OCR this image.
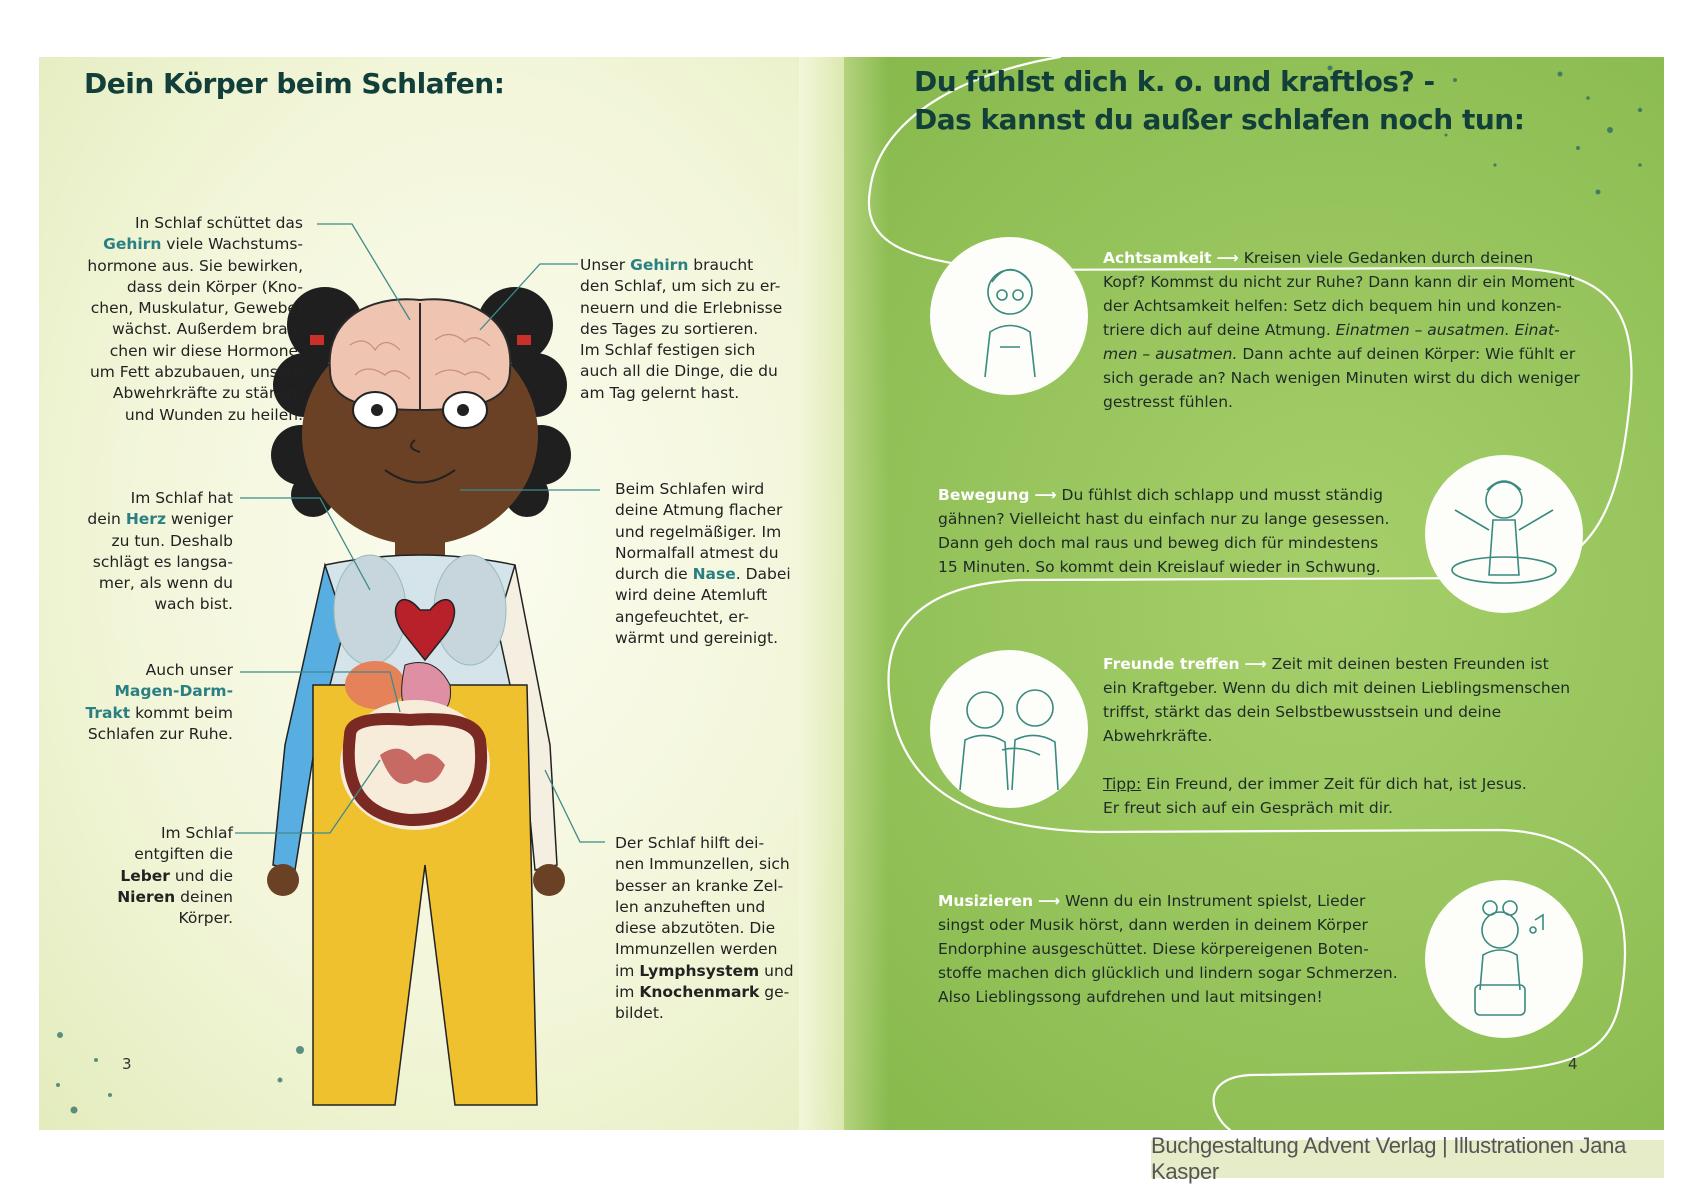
Dein Körper beim Schlafen:
In Schlaf schüttet das
Gehirn viele Wachstums-
hormone aus. Sie bewirken,
dass dein Körper (Kno-
chen, Muskulatur, Gewebe)
wächst. Außerdem brau-
chen wir diese Hormone,
um Fett abzubauen, unsere
Abwehrkräfte zu stärken
und Wunden zu heilen.
Unser Gehirn braucht
den Schlaf, um sich zu er-
neuern und die Erlebnisse
des Tages zu sortieren.
Im Schlaf festigen sich
auch all die Dinge, die du
am Tag gelernt hast.
Im Schlaf hat
dein Herz weniger
zu tun. Deshalb
schlägt es langsa-
mer, als wenn du
wach bist.
Beim Schlafen wird
deine Atmung flacher
und regelmäßiger. Im
Normalfall atmest du
durch die Nase. Dabei
wird deine Atemluft
angefeuchtet, er-
wärmt und gereinigt.
Auch unser
Magen-Darm-
Trakt kommt beim
Schlafen zur Ruhe.
Im Schlaf
entgiften die
Leber und die
Nieren deinen
Körper.
Der Schlaf hilft dei-
nen Immunzellen, sich
besser an kranke Zel-
len anzuheften und
diese abzutöten. Die
Immunzellen werden
im Lymphsystem und
im Knochenmark ge-
bildet.
3
Du fühlst dich k. o. und kraftlos? -
Das kannst du außer schlafen noch tun:
Achtsamkeit ⟶ Kreisen viele Gedanken durch deinen
Kopf? Kommst du nicht zur Ruhe? Dann kann dir ein Moment
der Achtsamkeit helfen: Setz dich bequem hin und konzen-
triere dich auf deine Atmung. Einatmen – ausatmen. Einat-
men – ausatmen. Dann achte auf deinen Körper: Wie fühlt er
sich gerade an? Nach wenigen Minuten wirst du dich weniger
gestresst fühlen.
Bewegung ⟶ Du fühlst dich schlapp und musst ständig
gähnen? Vielleicht hast du einfach nur zu lange gesessen.
Dann geh doch mal raus und beweg dich für mindestens
15 Minuten. So kommt dein Kreislauf wieder in Schwung.
Freunde treffen ⟶ Zeit mit deinen besten Freunden ist
ein Kraftgeber. Wenn du dich mit deinen Lieblingsmenschen
triffst, stärkt das dein Selbstbewusstsein und deine
Abwehrkräfte.
Tipp: Ein Freund, der immer Zeit für dich hat, ist Jesus.
Er freut sich auf ein Gespräch mit dir.
Musizieren ⟶ Wenn du ein Instrument spielst, Lieder
singst oder Musik hörst, dann werden in deinem Körper
Endorphine ausgeschüttet. Diese körpereigenen Boten-
stoffe machen dich glücklich und lindern sogar Schmerzen.
Also Lieblingssong aufdrehen und laut mitsingen!
4
Buchgestaltung Advent Verlag | Illustrationen Jana Kasper
